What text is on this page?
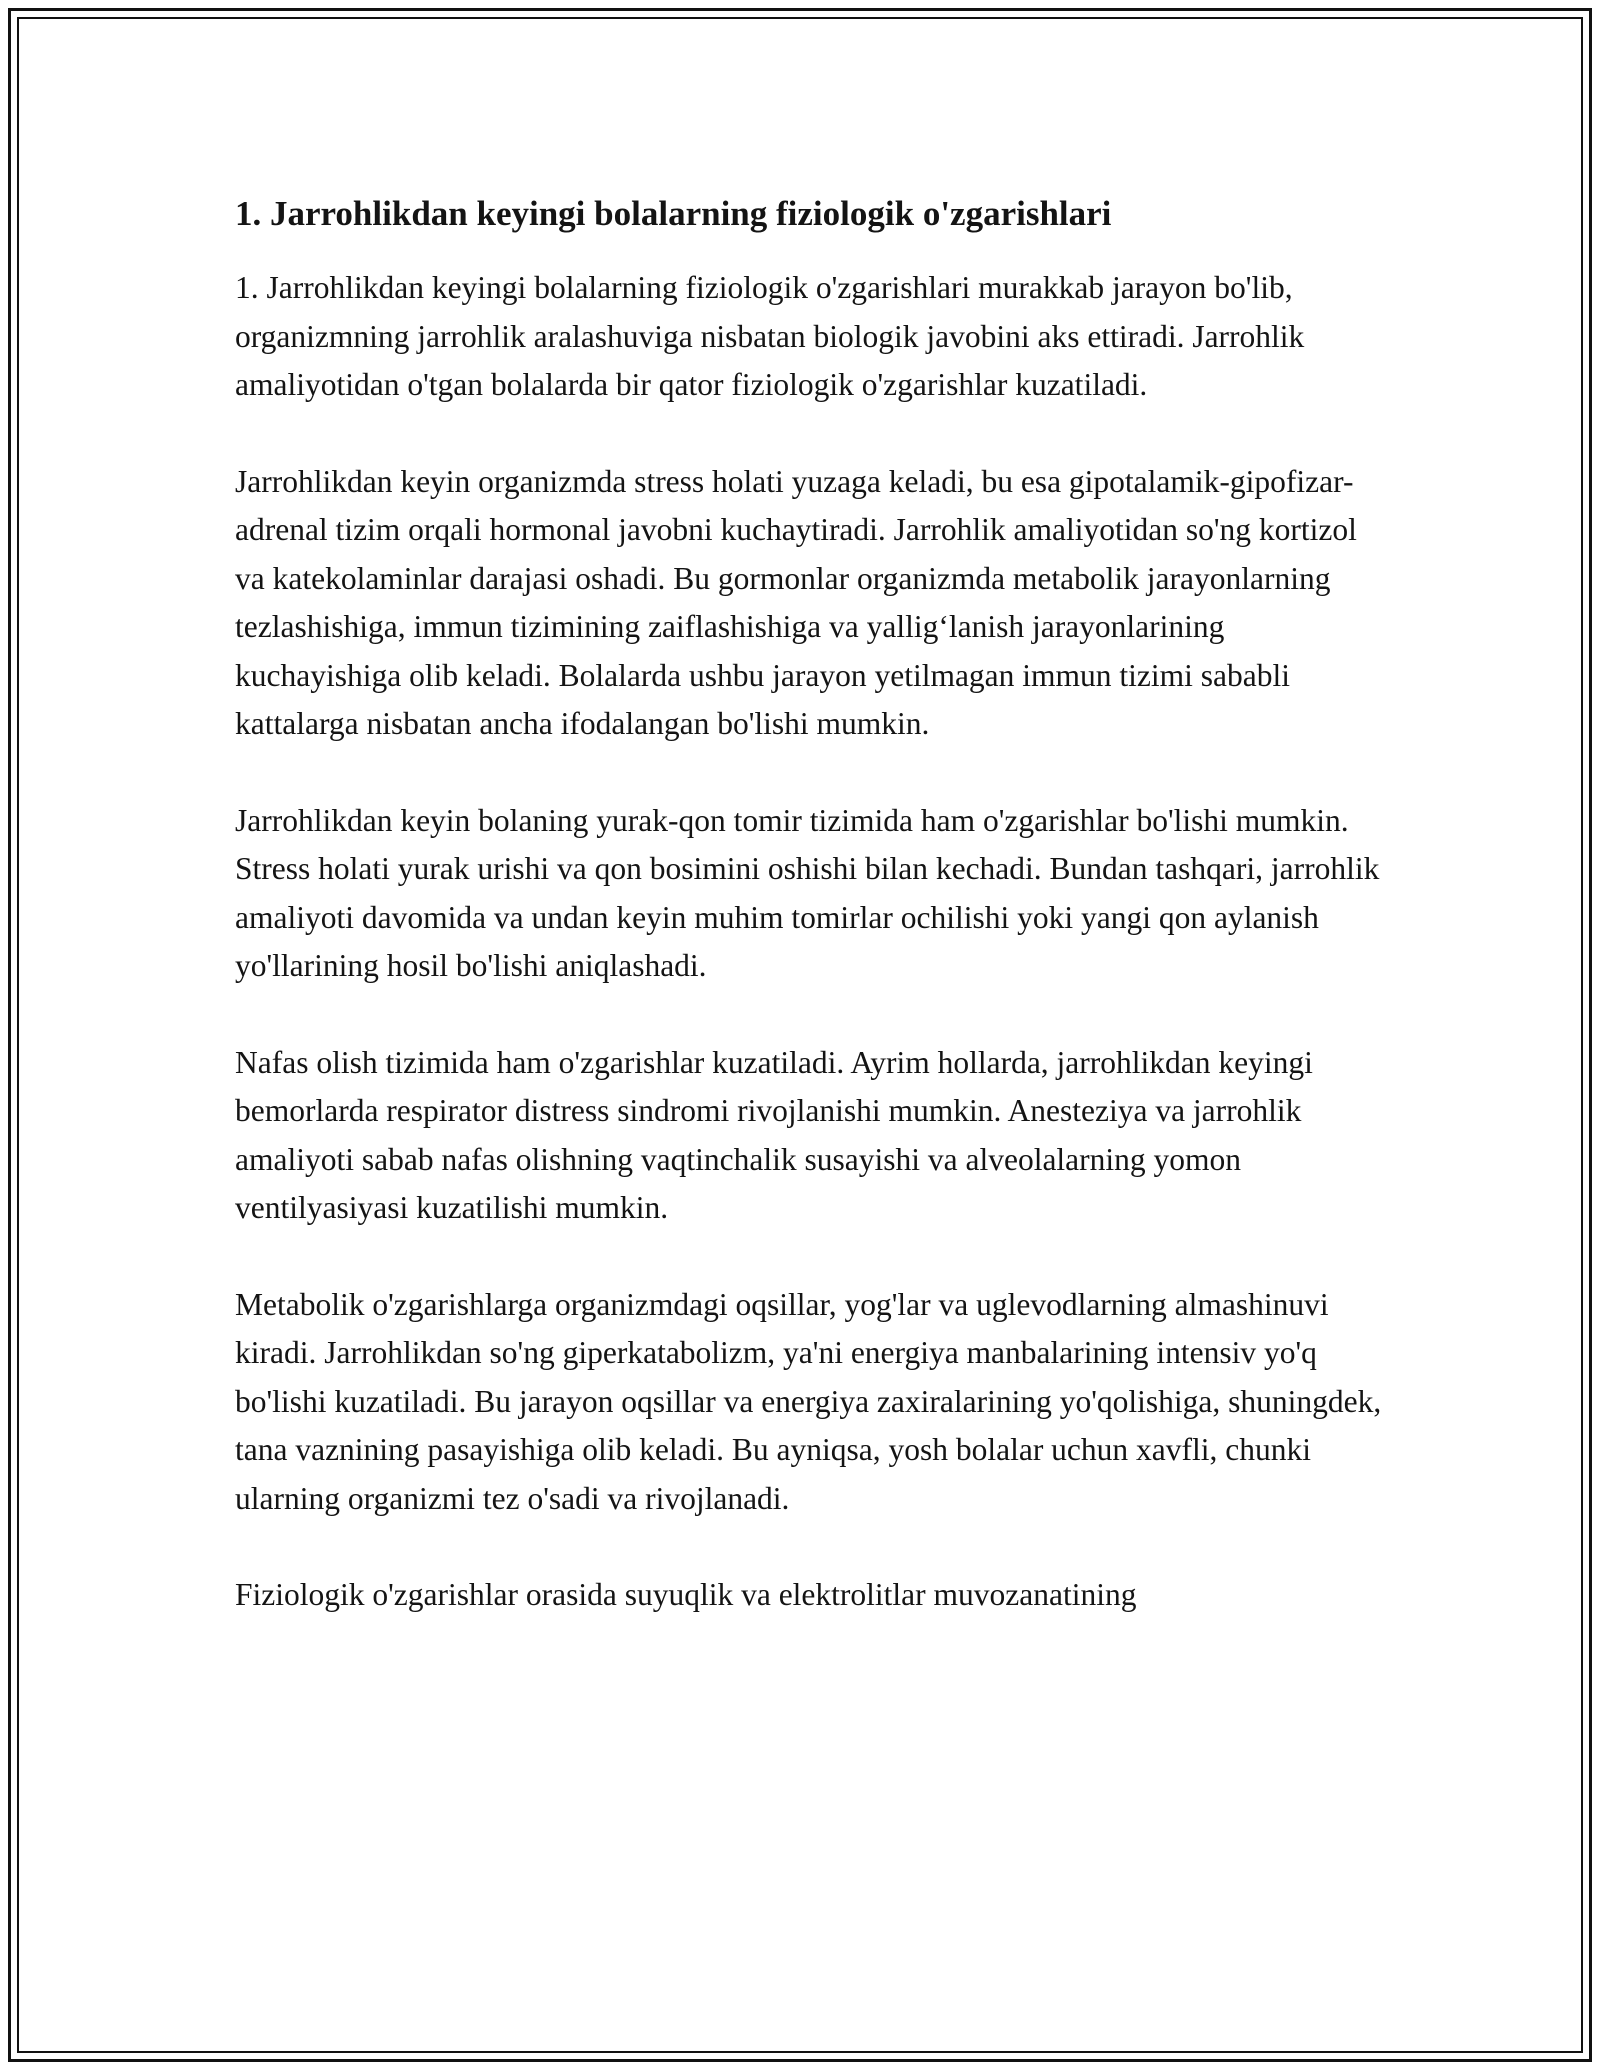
1. Jarrohlikdan keyingi bolalarning fiziologik o'zgarishlari

1. Jarrohlikdan keyingi bolalarning fiziologik o'zgarishlari murakkab jarayon bo'lib, organizmning jarrohlik aralashuviga nisbatan biologik javobini aks ettiradi. Jarrohlik amaliyotidan o'tgan bolalarda bir qator fiziologik o'zgarishlar kuzatiladi.

Jarrohlikdan keyin organizmda stress holati yuzaga keladi, bu esa gipotalamik-gipofizar-adrenal tizim orqali hormonal javobni kuchaytiradi. Jarrohlik amaliyotidan so'ng kortizol va katekolaminlar darajasi oshadi. Bu gormonlar organizmda metabolik jarayonlarning tezlashishiga, immun tizimining zaiflashishiga va yallig‘lanish jarayonlarining kuchayishiga olib keladi. Bolalarda ushbu jarayon yetilmagan immun tizimi sababli kattalarga nisbatan ancha ifodalangan bo'lishi mumkin.

Jarrohlikdan keyin bolaning yurak-qon tomir tizimida ham o'zgarishlar bo'lishi mumkin. Stress holati yurak urishi va qon bosimini oshishi bilan kechadi. Bundan tashqari, jarrohlik amaliyoti davomida va undan keyin muhim tomirlar ochilishi yoki yangi qon aylanish yo'llarining hosil bo'lishi aniqlashadi.

Nafas olish tizimida ham o'zgarishlar kuzatiladi. Ayrim hollarda, jarrohlikdan keyingi bemorlarda respirator distress sindromi rivojlanishi mumkin. Anesteziya va jarrohlik amaliyoti sabab nafas olishning vaqtinchalik susayishi va alveolalarning yomon ventilyasiyasi kuzatilishi mumkin.

Metabolik o'zgarishlarga organizmdagi oqsillar, yog'lar va uglevodlarning almashinuvi kiradi. Jarrohlikdan so'ng giperkatabolizm, ya'ni energiya manbalarining intensiv yo'q bo'lishi kuzatiladi. Bu jarayon oqsillar va energiya zaxiralarining yo'qolishiga, shuningdek, tana vaznining pasayishiga olib keladi. Bu ayniqsa, yosh bolalar uchun xavfli, chunki ularning organizmi tez o'sadi va rivojlanadi.

Fiziologik o'zgarishlar orasida suyuqlik va elektrolitlar muvozanatining
